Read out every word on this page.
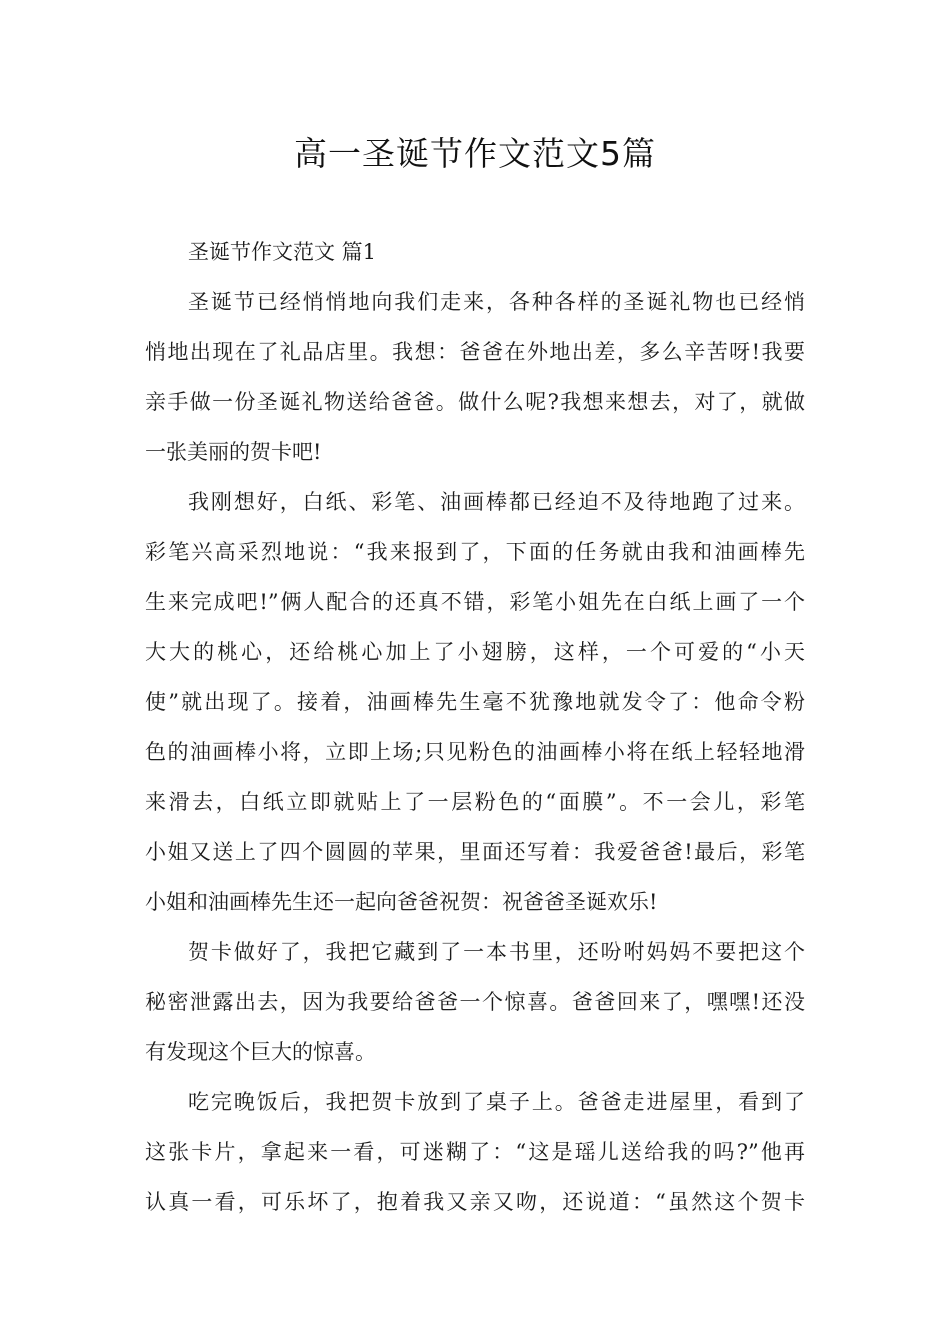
高一圣诞节作文范文5篇
圣诞节作文范文 篇1
圣诞节已经悄悄地向我们走来，各种各样的圣诞礼物也已经悄
悄地出现在了礼品店里。我想：爸爸在外地出差，多么辛苦呀!我要
亲手做一份圣诞礼物送给爸爸。做什么呢?我想来想去，对了，就做
一张美丽的贺卡吧!
我刚想好，白纸、彩笔、油画棒都已经迫不及待地跑了过来。
彩笔兴高采烈地说：“我来报到了，下面的任务就由我和油画棒先
生来完成吧!”俩人配合的还真不错，彩笔小姐先在白纸上画了一个
大大的桃心，还给桃心加上了小翅膀，这样，一个可爱的“小天
使”就出现了。接着，油画棒先生毫不犹豫地就发令了：他命令粉
色的油画棒小将，立即上场;只见粉色的油画棒小将在纸上轻轻地滑
来滑去，白纸立即就贴上了一层粉色的“面膜”。不一会儿，彩笔
小姐又送上了四个圆圆的苹果，里面还写着：我爱爸爸!最后，彩笔
小姐和油画棒先生还一起向爸爸祝贺：祝爸爸圣诞欢乐!
贺卡做好了，我把它藏到了一本书里，还吩咐妈妈不要把这个
秘密泄露出去，因为我要给爸爸一个惊喜。爸爸回来了，嘿嘿!还没
有发现这个巨大的惊喜。
吃完晚饭后，我把贺卡放到了桌子上。爸爸走进屋里，看到了
这张卡片，拿起来一看，可迷糊了：“这是瑶儿送给我的吗?”他再
认真一看，可乐坏了，抱着我又亲又吻，还说道：“虽然这个贺卡
